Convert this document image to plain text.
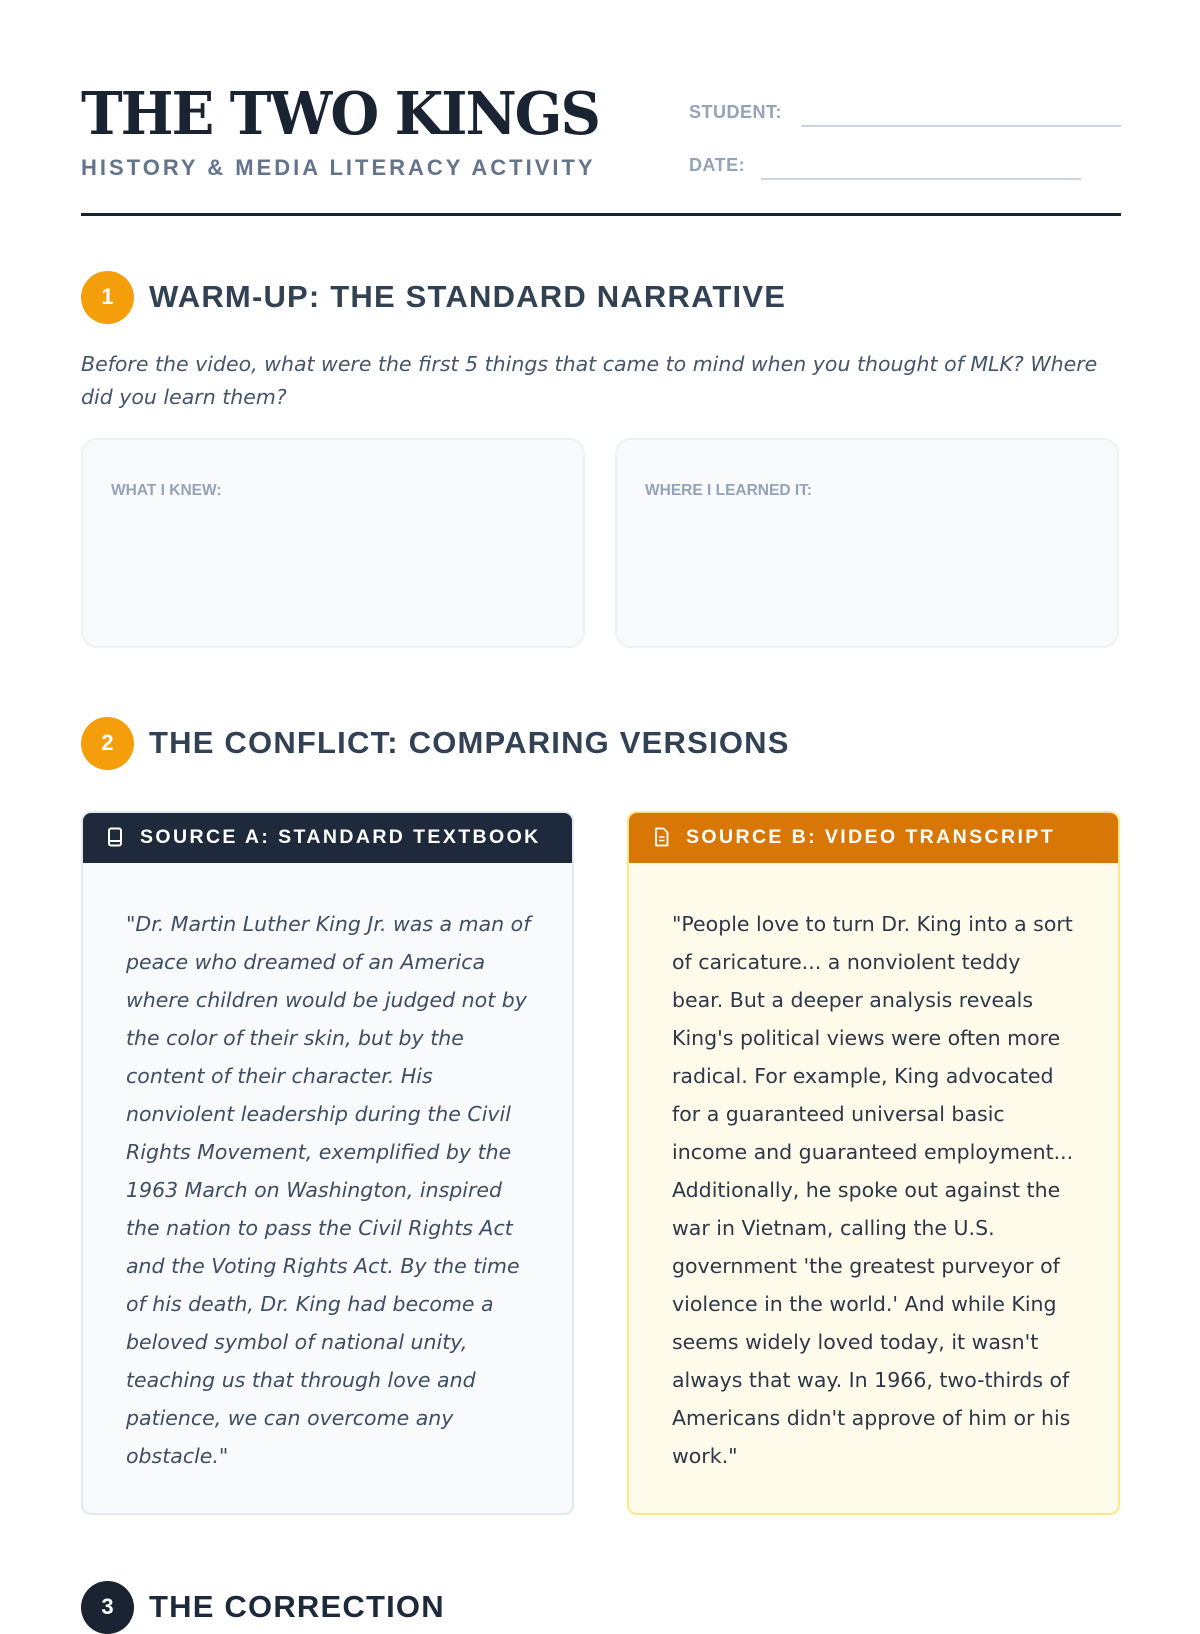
THE TWO KINGS
HISTORY & MEDIA LITERACY ACTIVITY
STUDENT:
DATE:
1	WARM-UP: THE STANDARD NARRATIVE

Before the video, what were the first 5 things that came to mind when you thought of MLK? Where did you learn them?

WHAT I KNEW:	WHERE I LEARNED IT:
2	THE CONFLICT: COMPARING VERSIONS
SOURCE A: STANDARD TEXTBOOK

"Dr. Martin Luther King Jr. was a man of peace who dreamed of an America where children would be judged not by the color of their skin, but by the content of their character. His nonviolent leadership during the Civil Rights Movement, exemplified by the 1963 March on Washington, inspired the nation to pass the Civil Rights Act and the Voting Rights Act. By the time of his death, Dr. King had become a beloved symbol of national unity, teaching us that through love and patience, we can overcome any obstacle."

SOURCE B: VIDEO TRANSCRIPT

"People love to turn Dr. King into a sort of caricature... a nonviolent teddy bear. But a deeper analysis reveals King's political views were often more radical. For example, King advocated for a guaranteed universal basic income and guaranteed employment... Additionally, he spoke out against the war in Vietnam, calling the U.S. government 'the greatest purveyor of violence in the world.' And while King seems widely loved today, it wasn't always that way. In 1966, two-thirds of Americans didn't approve of him or his work."

3	THE CORRECTION
